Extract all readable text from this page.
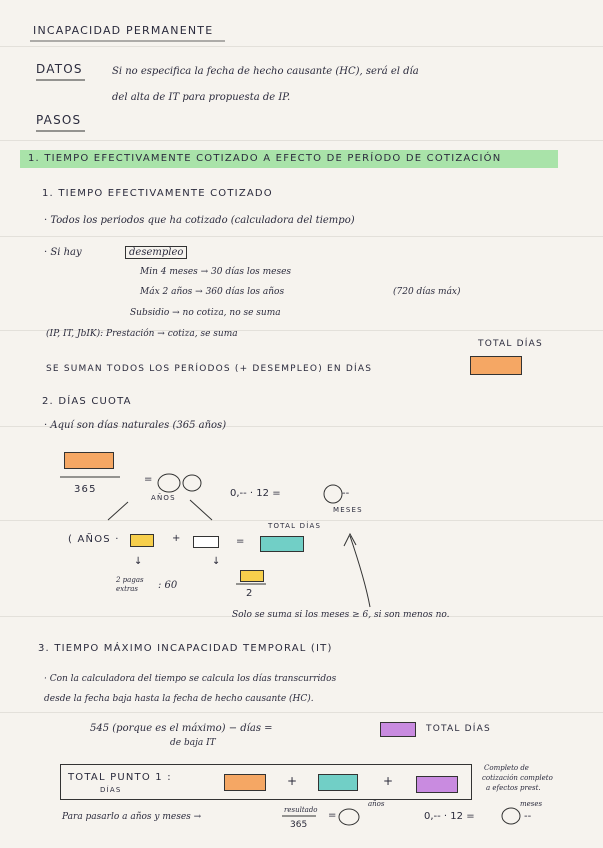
INCAPACIDAD PERMANENTE
DATOS	Si no especifica la fecha de hecho causante (HC), será el día
del alta de IT para propuesta de IP.
PASOS
1. TIEMPO EFECTIVAMENTE COTIZADO A EFECTO DE PERÍODO DE COTIZACIÓN
1. TIEMPO EFECTIVAMENTE COTIZADO
· Todos los periodos que ha cotizado (calculadora del tiempo)
· Si hay	desempleo
Min 4 meses → 30 días los meses
Máx 2 años → 360 días los años	(720 días máx)
Subsidio → no cotiza, no se suma
(IP, IT, JbIK): Prestación → cotiza, se suma
TOTAL DÍAS
SE SUMAN TODOS LOS PERÍODOS (+ DESEMPLEO) EN DÍAS
2. DÍAS CUOTA
· Aquí son días naturales (365 años)
365
=
AÑOS	0,-- · 12 =	--
MESES
( AÑOS ·	+	=
TOTAL DÍAS
↓
2 pagas extras	: 60
↓
2
Solo se suma si los meses ≥ 6, si son menos no.
3. TIEMPO MÁXIMO INCAPACIDAD TEMPORAL (IT)
· Con la calculadora del tiempo se calcula los días transcurridos
desde la fecha baja hasta la fecha de hecho causante (HC).
545 (porque es el máximo) − días =	TOTAL DÍAS
de baja IT
TOTAL PUNTO 1 :
DÍAS
+	+
Completo de
cotización completo
a efectos prest.
Para pasarlo a años y meses →
resultado
365
=
años
0,-- · 12 =
meses
--
